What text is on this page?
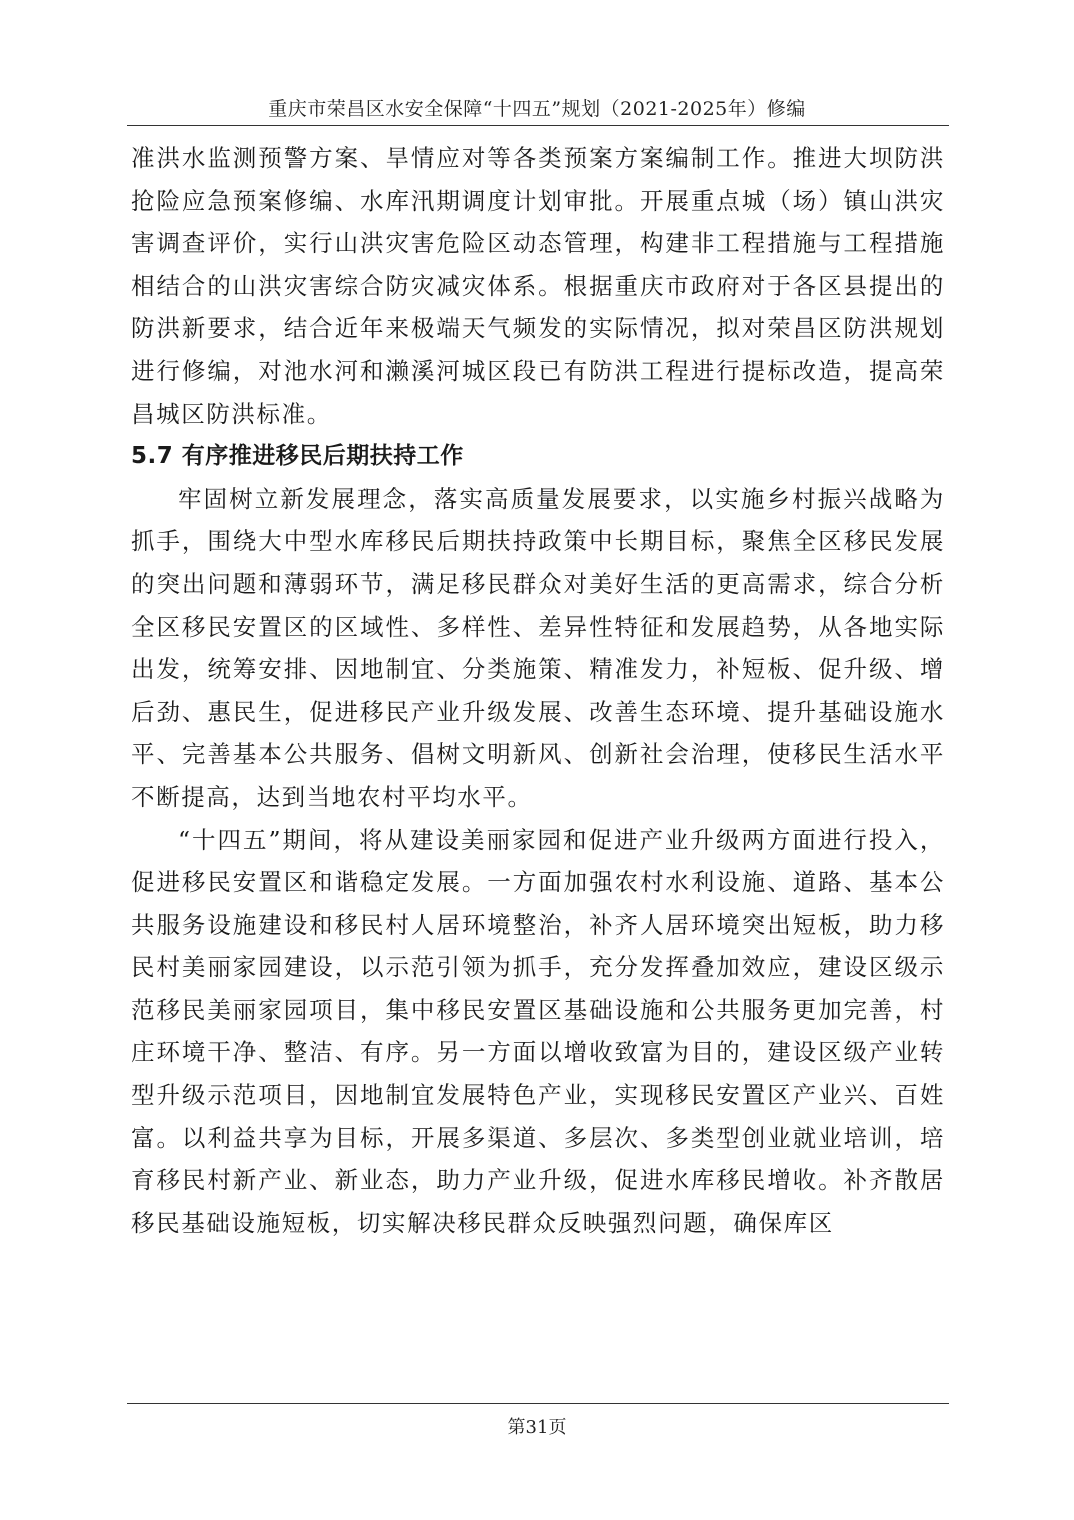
重庆市荣昌区水安全保障“十四五”规划（2021-2025年）修编

准洪水监测预警方案、旱情应对等各类预案方案编制工作。推进大坝防洪抢险应急预案修编、水库汛期调度计划审批。开展重点城（场）镇山洪灾害调查评价，实行山洪灾害危险区动态管理，构建非工程措施与工程措施相结合的山洪灾害综合防灾减灾体系。根据重庆市政府对于各区县提出的防洪新要求，结合近年来极端天气频发的实际情况，拟对荣昌区防洪规划进行修编，对池水河和濑溪河城区段已有防洪工程进行提标改造，提高荣昌城区防洪标准。

5.7 有序推进移民后期扶持工作

牢固树立新发展理念，落实高质量发展要求，以实施乡村振兴战略为抓手，围绕大中型水库移民后期扶持政策中长期目标，聚焦全区移民发展的突出问题和薄弱环节，满足移民群众对美好生活的更高需求，综合分析全区移民安置区的区域性、多样性、差异性特征和发展趋势，从各地实际出发，统筹安排、因地制宜、分类施策、精准发力，补短板、促升级、增后劲、惠民生，促进移民产业升级发展、改善生态环境、提升基础设施水平、完善基本公共服务、倡树文明新风、创新社会治理，使移民生活水平不断提高，达到当地农村平均水平。

“十四五”期间，将从建设美丽家园和促进产业升级两方面进行投入，促进移民安置区和谐稳定发展。一方面加强农村水利设施、道路、基本公共服务设施建设和移民村人居环境整治，补齐人居环境突出短板，助力移民村美丽家园建设，以示范引领为抓手，充分发挥叠加效应，建设区级示范移民美丽家园项目，集中移民安置区基础设施和公共服务更加完善，村庄环境干净、整洁、有序。另一方面以增收致富为目的，建设区级产业转型升级示范项目，因地制宜发展特色产业，实现移民安置区产业兴、百姓富。以利益共享为目标，开展多渠道、多层次、多类型创业就业培训，培育移民村新产业、新业态，助力产业升级，促进水库移民增收。补齐散居移民基础设施短板，切实解决移民群众反映强烈问题，确保库区

第31页
